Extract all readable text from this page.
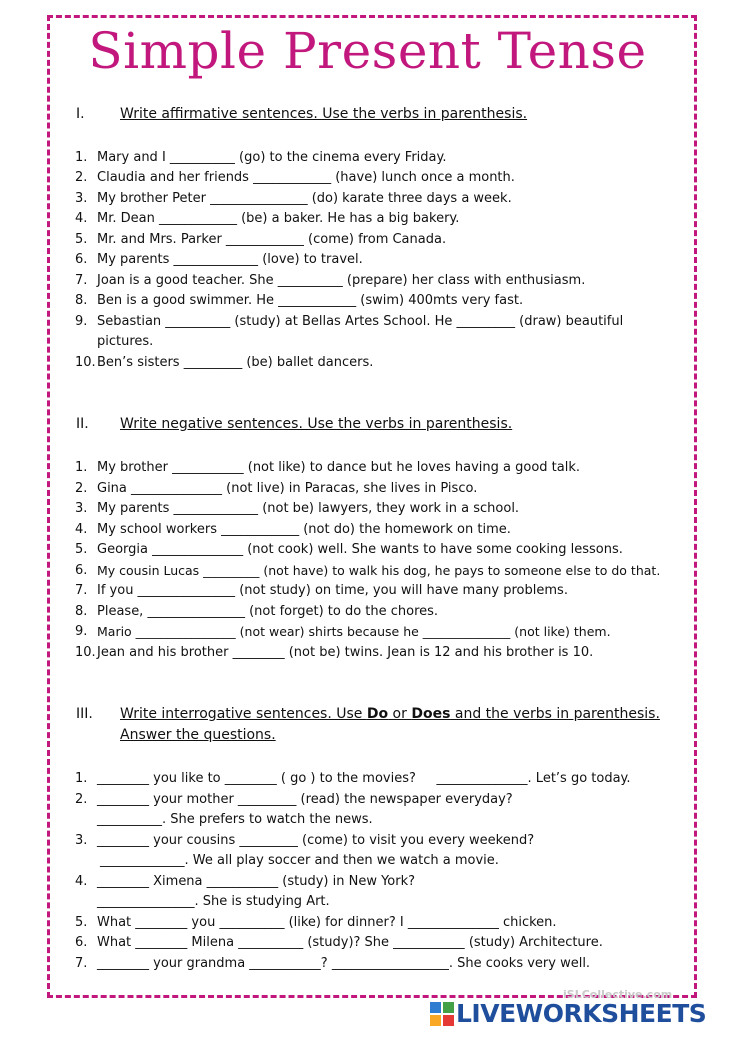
Simple Present Tense
I.	Write affirmative sentences. Use the verbs in parenthesis.
1. Mary and I __________ (go) to the cinema every Friday.
2. Claudia and her friends ____________ (have) lunch once a month.
3. My brother Peter _______________ (do) karate three days a week.
4. Mr. Dean ____________ (be) a baker. He has a big bakery.
5. Mr. and Mrs. Parker ____________ (come) from Canada.
6. My parents _____________ (love) to travel.
7. Joan is a good teacher. She __________ (prepare) her class with enthusiasm.
8. Ben is a good swimmer. He ____________ (swim) 400mts very fast.
9. Sebastian __________ (study) at Bellas Artes School. He _________ (draw) beautiful
pictures.
10. Ben’s sisters _________ (be) ballet dancers.
II. Write negative sentences. Use the verbs in parenthesis.
1. My brother ___________ (not like) to dance but he loves having a good talk.
2. Gina ______________ (not live) in Paracas, she lives in Pisco.
3. My parents _____________ (not be) lawyers, they work in a school.
4. My school workers ____________ (not do) the homework on time.
5. Georgia ______________ (not cook) well. She wants to have some cooking lessons.
6. My cousin Lucas _________ (not have) to walk his dog, he pays to someone else to do that.
7. If you _______________ (not study) on time, you will have many problems.
8. Please, _______________ (not forget) to do the chores.
9. Mario ________________ (not wear) shirts because he ______________ (not like) them.
10. Jean and his brother ________ (not be) twins. Jean is 12 and his brother is 10.
III. Write interrogative sentences. Use Do or Does and the verbs in parenthesis.
Answer the questions.
1. ________ you like to ________ ( go ) to the movies?     ______________. Let’s go today.
2. ________ your mother _________ (read) the newspaper everyday?
__________. She prefers to watch the news.
3. ________ your cousins _________ (come) to visit you every weekend?
_____________. We all play soccer and then we watch a movie.
4. ________ Ximena ___________ (study) in New York?
_______________. She is studying Art.
5. What ________ you __________ (like) for dinner? I ______________ chicken.
6. What ________ Milena __________ (study)? She ___________ (study) Architecture.
7. ________ your grandma ___________? __________________. She cooks very well.
iSLCollective.com
LIVEWORKSHEETS
